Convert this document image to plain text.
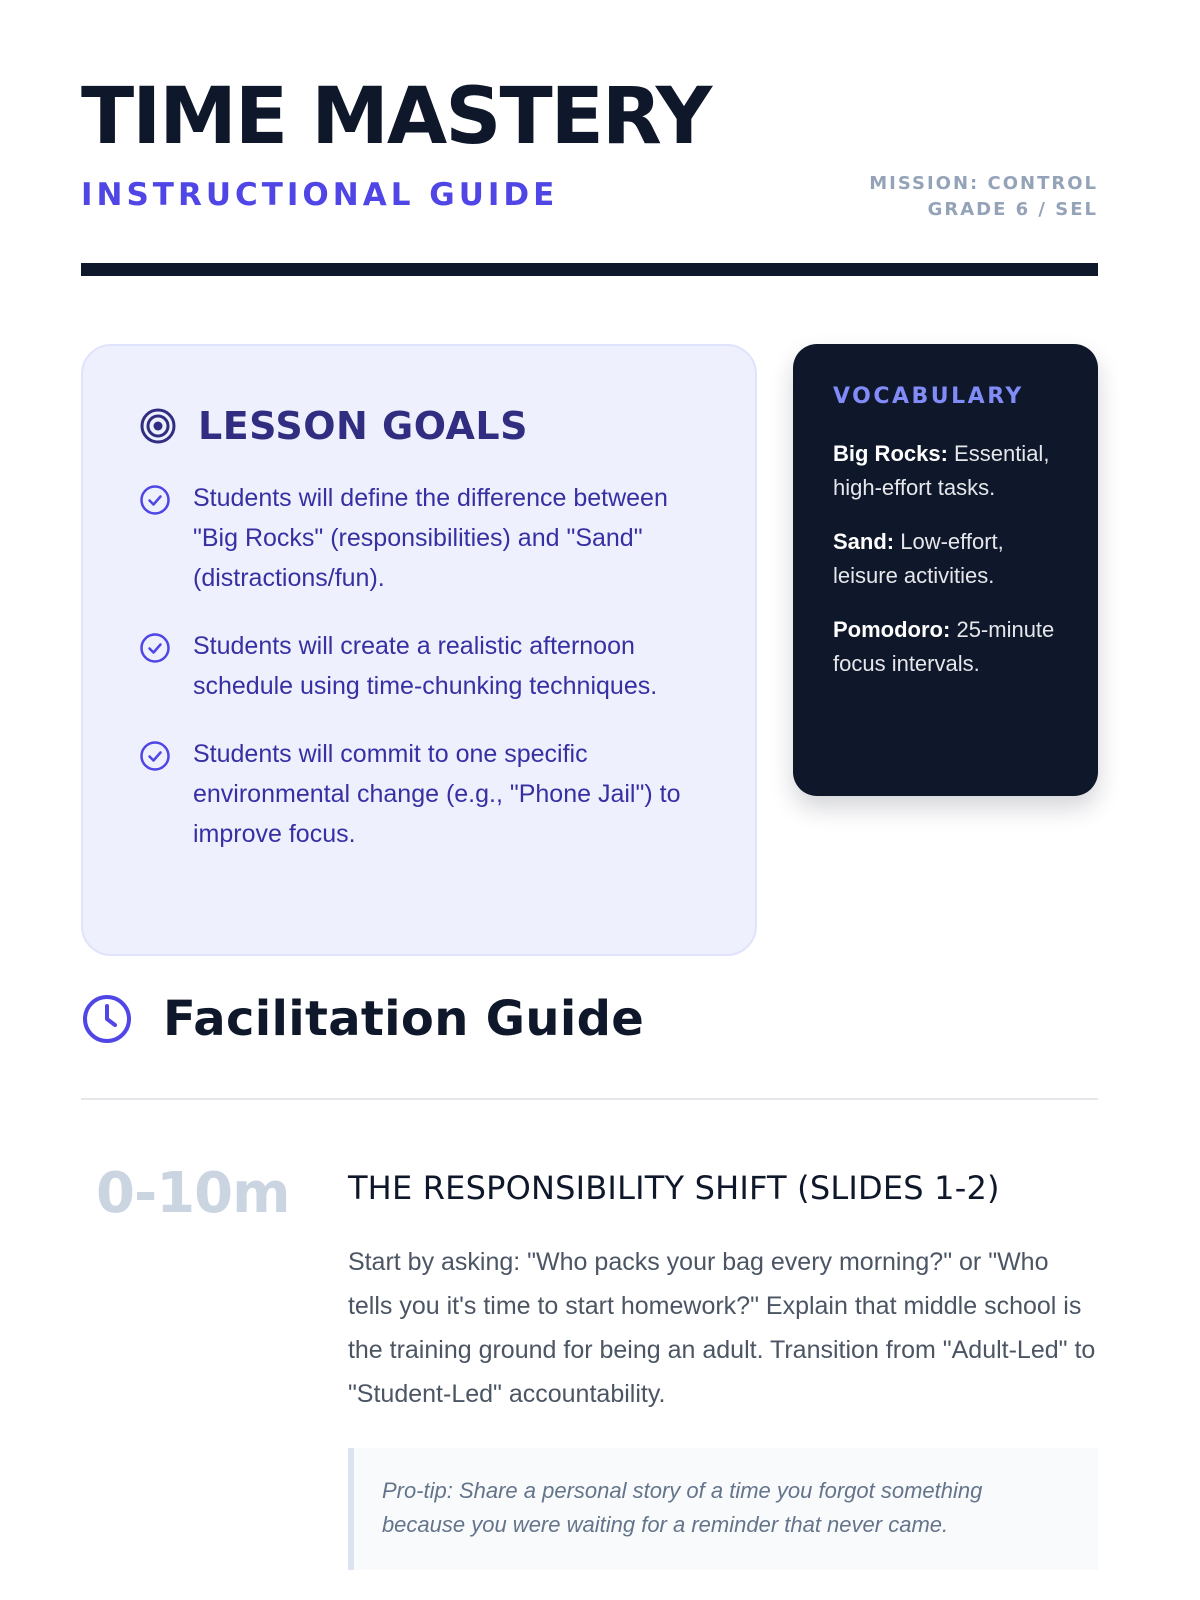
TIME MASTERY
INSTRUCTIONAL GUIDE	MISSION: CONTROL
GRADE 6 / SEL
LESSON GOALS
Students will define the difference between "Big Rocks" (responsibilities) and "Sand" (distractions/fun).
Students will create a realistic afternoon schedule using time-chunking techniques.
Students will commit to one specific environmental change (e.g., "Phone Jail") to improve focus.
VOCABULARY

Big Rocks: Essential, high-effort tasks.

Sand: Low-effort, leisure activities.

Pomodoro: 25-minute focus intervals.

Facilitation Guide
0-10m	THE RESPONSIBILITY SHIFT (SLIDES 1-2)

Start by asking: "Who packs your bag every morning?" or "Who tells you it's time to start homework?" Explain that middle school is the training ground for being an adult. Transition from "Adult-Led" to "Student-Led" accountability.

Pro-tip: Share a personal story of a time you forgot something because you were waiting for a reminder that never came.
